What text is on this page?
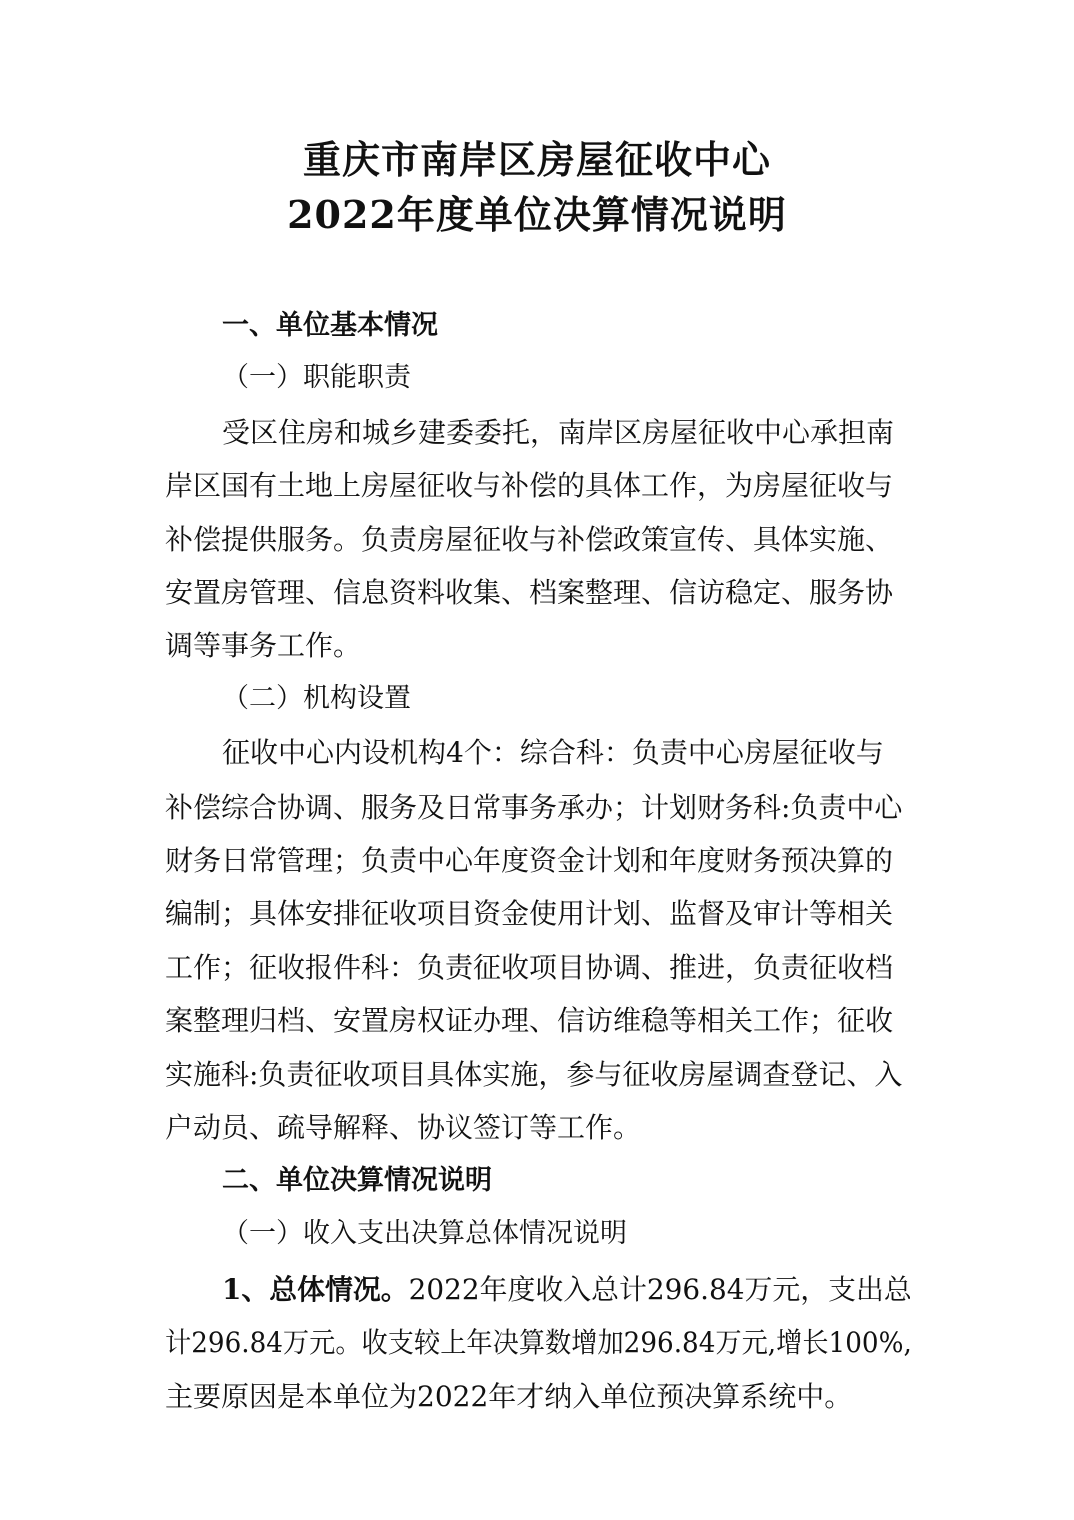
重庆市南岸区房屋征收中心
2022年度单位决算情况说明
一、单位基本情况
（一）职能职责
受区住房和城乡建委委托，南岸区房屋征收中心承担南
岸区国有土地上房屋征收与补偿的具体工作，为房屋征收与
补偿提供服务。负责房屋征收与补偿政策宣传、具体实施、
安置房管理、信息资料收集、档案整理、信访稳定、服务协
调等事务工作。
（二）机构设置
征收中心内设机构4个：综合科：负责中心房屋征收与
补偿综合协调、服务及日常事务承办；计划财务科:负责中心
财务日常管理；负责中心年度资金计划和年度财务预决算的
编制；具体安排征收项目资金使用计划、监督及审计等相关
工作；征收报件科：负责征收项目协调、推进，负责征收档
案整理归档、安置房权证办理、信访维稳等相关工作；征收
实施科:负责征收项目具体实施，参与征收房屋调查登记、入
户动员、疏导解释、协议签订等工作。
二、单位决算情况说明
（一）收入支出决算总体情况说明
1、总体情况。2022年度收入总计296.84万元，支出总
计296.84万元。收支较上年决算数增加296.84万元,增长100%,
主要原因是本单位为2022年才纳入单位预决算系统中。
